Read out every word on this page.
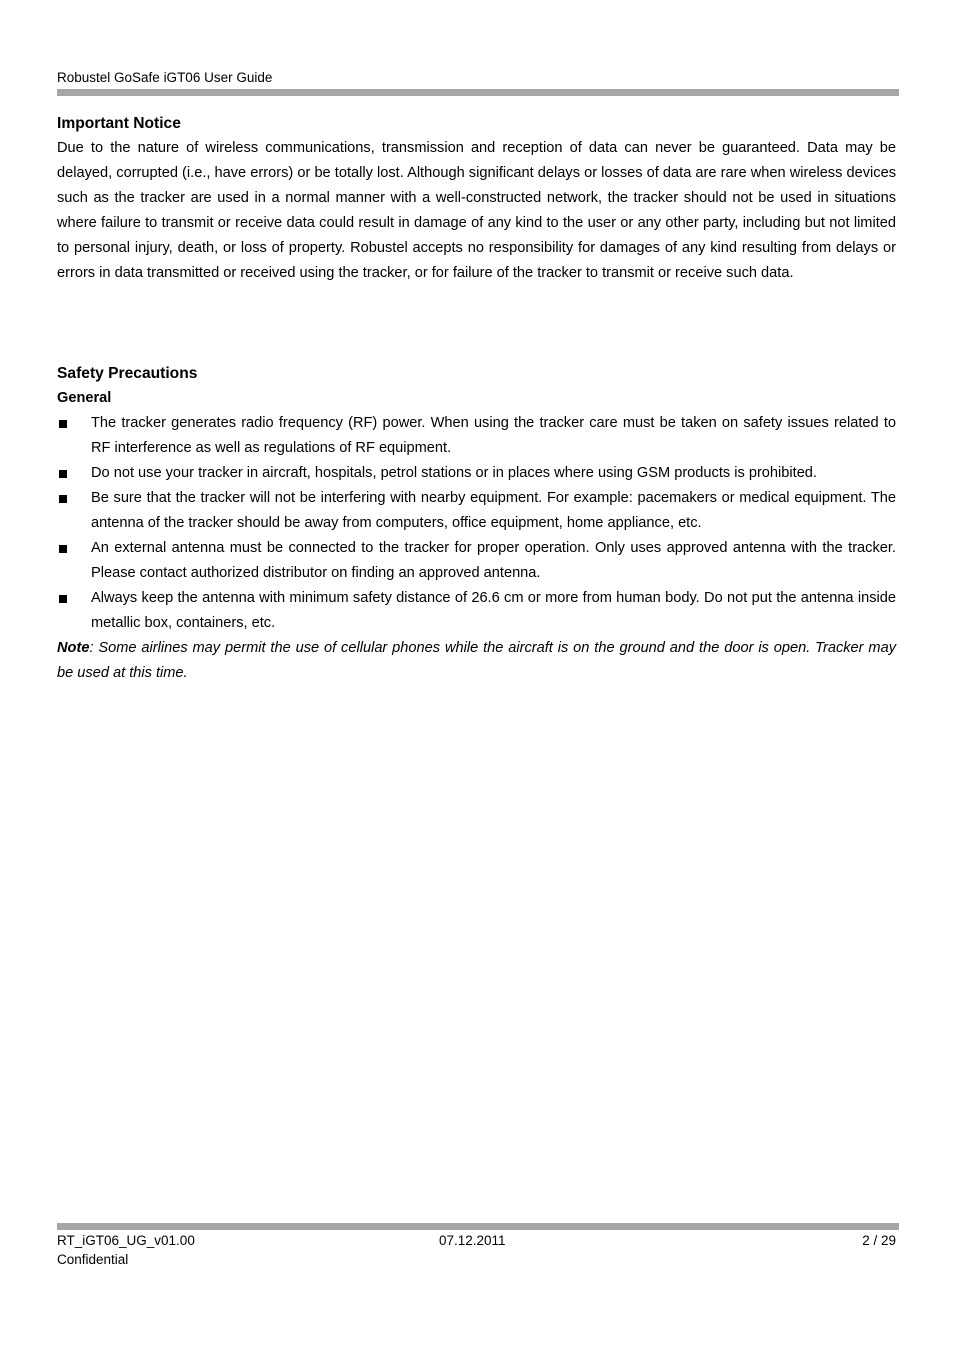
Robustel GoSafe iGT06 User Guide
Important Notice

Due to the nature of wireless communications, transmission and reception of data can never be guaranteed. Data may be delayed, corrupted (i.e., have errors) or be totally lost. Although significant delays or losses of data are rare when wireless devices such as the tracker are used in a normal manner with a well-constructed network, the tracker should not be used in situations where failure to transmit or receive data could result in damage of any kind to the user or any other party, including but not limited to personal injury, death, or loss of property. Robustel accepts no responsibility for damages of any kind resulting from delays or errors in data transmitted or received using the tracker, or for failure of the tracker to transmit or receive such data.

Safety Precautions
General
The tracker generates radio frequency (RF) power. When using the tracker care must be taken on safety issues related to RF interference as well as regulations of RF equipment.
Do not use your tracker in aircraft, hospitals, petrol stations or in places where using GSM products is prohibited.
Be sure that the tracker will not be interfering with nearby equipment. For example: pacemakers or medical equipment. The antenna of the tracker should be away from computers, office equipment, home appliance, etc.
An external antenna must be connected to the tracker for proper operation. Only uses approved antenna with the tracker. Please contact authorized distributor on finding an approved antenna.
Always keep the antenna with minimum safety distance of 26.6 cm or more from human body. Do not put the antenna inside metallic box, containers, etc.

Note: Some airlines may permit the use of cellular phones while the aircraft is on the ground and the door is open. Tracker may be used at this time.

RT_iGT06_UG_v01.00	07.12.2011	2 / 29
Confidential
